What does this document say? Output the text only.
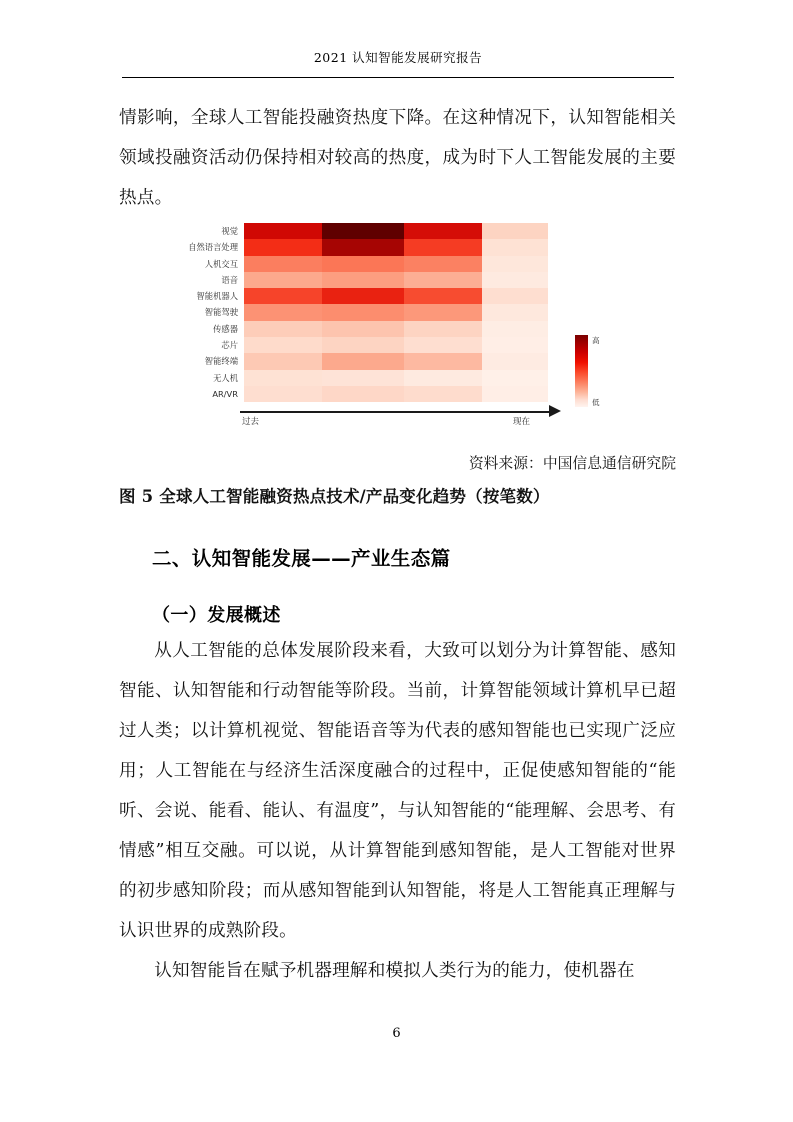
2021 认知智能发展研究报告
情影响，全球人工智能投融资热度下降。在这种情况下，认知智能相关领域投融资活动仍保持相对较高的热度，成为时下人工智能发展的主要热点。
视觉
自然语言处理
人机交互
语音
智能机器人
智能驾驶
传感器
芯片
智能终端
无人机
AR/VR
过去	现在
高
低
资料来源：中国信息通信研究院
图 5 全球人工智能融资热点技术/产品变化趋势（按笔数）
二、认知智能发展——产业生态篇
（一）发展概述
从人工智能的总体发展阶段来看，大致可以划分为计算智能、感知智能、认知智能和行动智能等阶段。当前，计算智能领域计算机早已超过人类；以计算机视觉、智能语音等为代表的感知智能也已实现广泛应用；人工智能在与经济生活深度融合的过程中，正促使感知智能的“能听、会说、能看、能认、有温度”，与认知智能的“能理解、会思考、有情感”相互交融。可以说，从计算智能到感知智能，是人工智能对世界的初步感知阶段；而从感知智能到认知智能，将是人工智能真正理解与认识世界的成熟阶段。
认知智能旨在赋予机器理解和模拟人类行为的能力，使机器在
6
